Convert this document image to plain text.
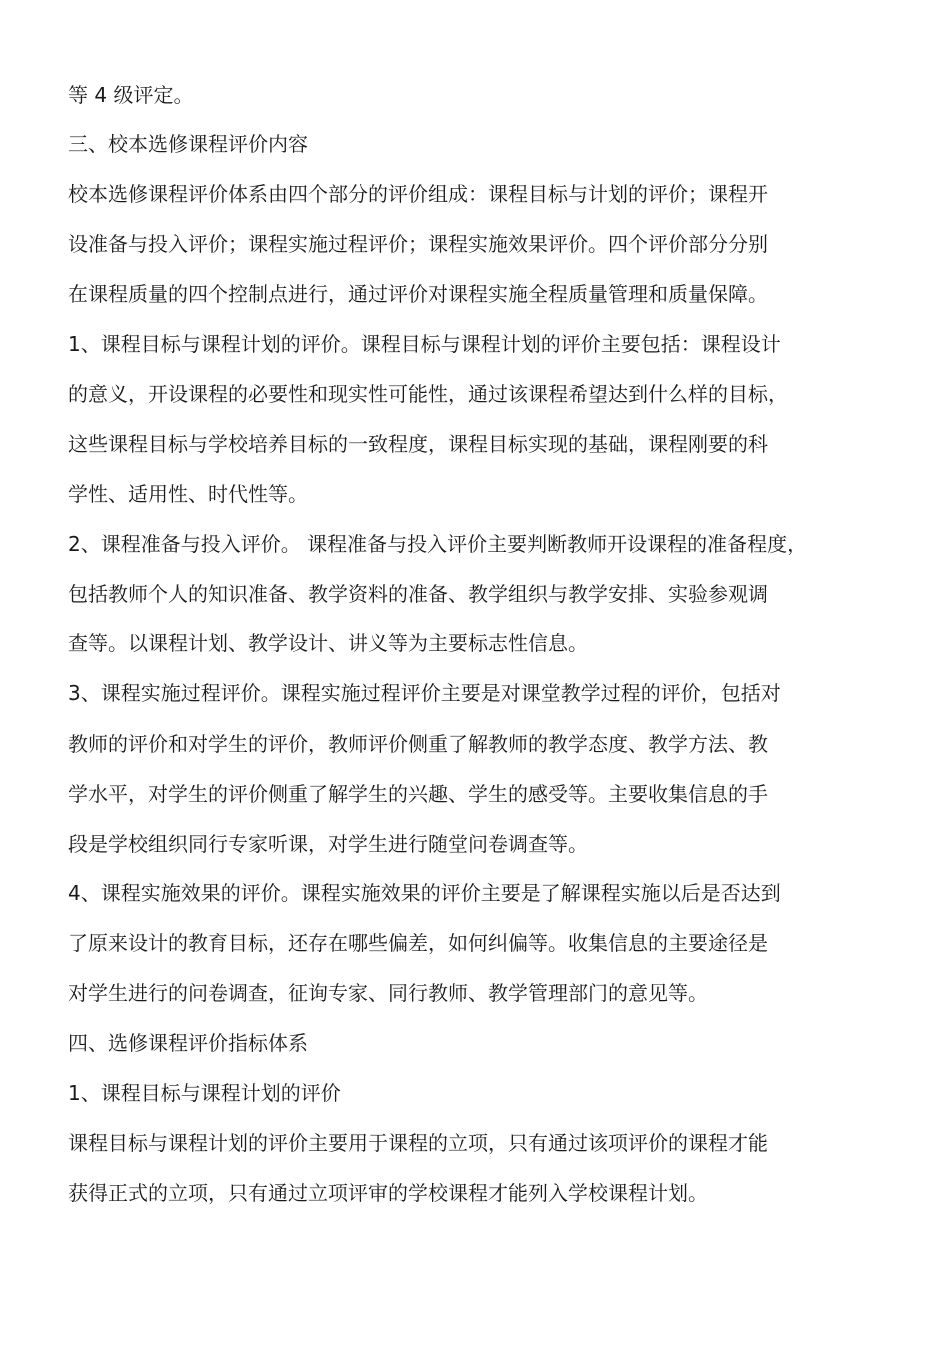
等 4 级评定。
三、校本选修课程评价内容
校本选修课程评价体系由四个部分的评价组成：课程目标与计划的评价；课程开
设准备与投入评价；课程实施过程评价；课程实施效果评价。四个评价部分分别
在课程质量的四个控制点进行，通过评价对课程实施全程质量管理和质量保障。
1、课程目标与课程计划的评价。课程目标与课程计划的评价主要包括：课程设计
的意义，开设课程的必要性和现实性可能性，通过该课程希望达到什么样的目标，
这些课程目标与学校培养目标的一致程度，课程目标实现的基础，课程刚要的科
学性、适用性、时代性等。
2、课程准备与投入评价。 课程准备与投入评价主要判断教师开设课程的准备程度，
包括教师个人的知识准备、教学资料的准备、教学组织与教学安排、实验参观调
查等。以课程计划、教学设计、讲义等为主要标志性信息。
3、课程实施过程评价。课程实施过程评价主要是对课堂教学过程的评价，包括对
教师的评价和对学生的评价，教师评价侧重了解教师的教学态度、教学方法、教
学水平，对学生的评价侧重了解学生的兴趣、学生的感受等。主要收集信息的手
段是学校组织同行专家听课，对学生进行随堂问卷调查等。
4、课程实施效果的评价。课程实施效果的评价主要是了解课程实施以后是否达到
了原来设计的教育目标，还存在哪些偏差，如何纠偏等。收集信息的主要途径是
对学生进行的问卷调查，征询专家、同行教师、教学管理部门的意见等。
四、选修课程评价指标体系
1、课程目标与课程计划的评价
课程目标与课程计划的评价主要用于课程的立项，只有通过该项评价的课程才能
获得正式的立项，只有通过立项评审的学校课程才能列入学校课程计划。
